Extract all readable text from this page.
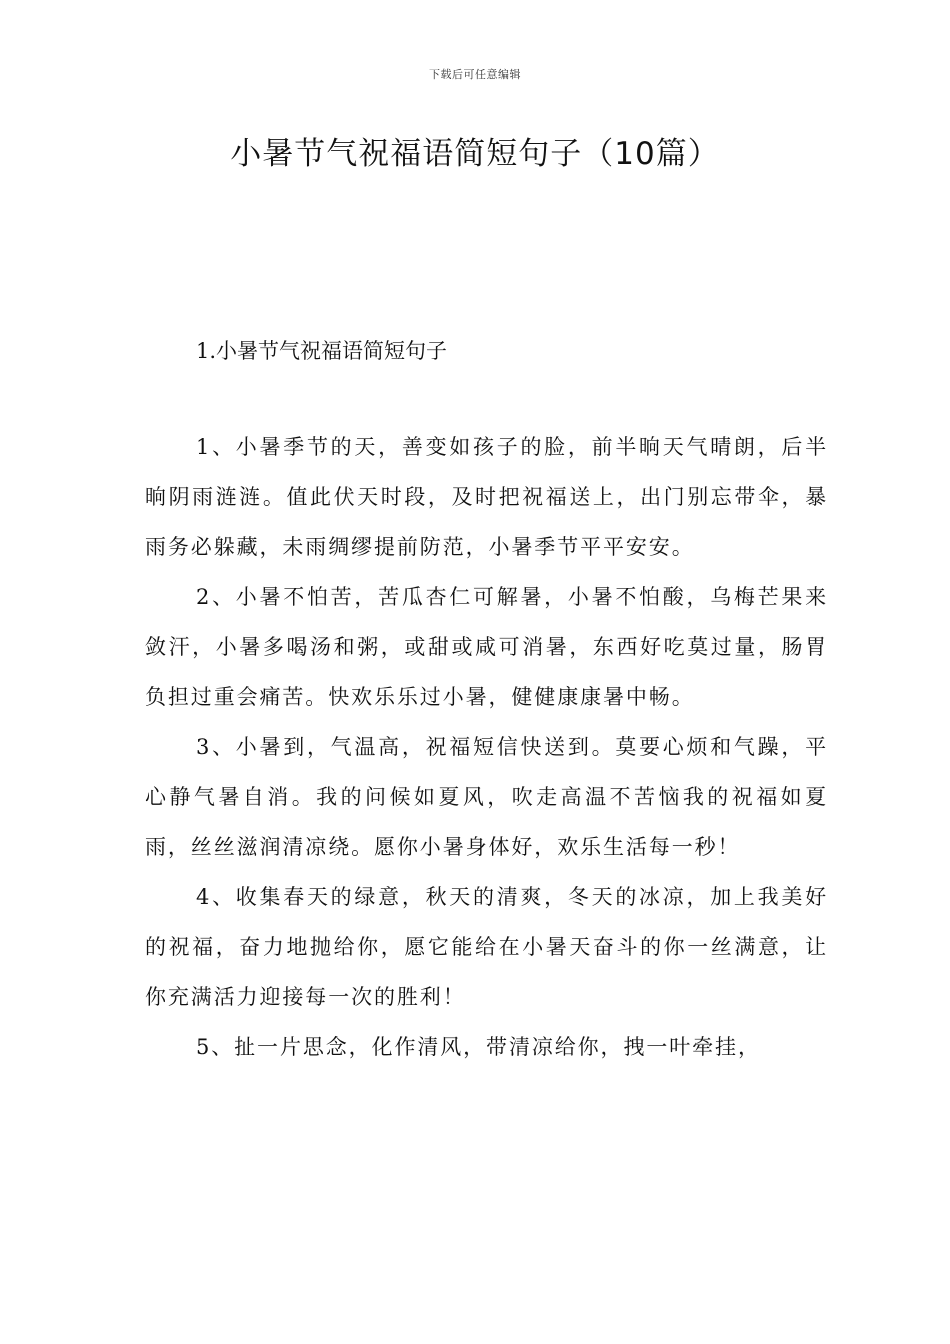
下载后可任意编辑
小暑节气祝福语简短句子（10篇）
1.小暑节气祝福语简短句子

1、小暑季节的天，善变如孩子的脸，前半晌天气晴朗，后半晌阴雨涟涟。值此伏天时段，及时把祝福送上，出门别忘带伞，暴雨务必躲藏，未雨绸缪提前防范，小暑季节平平安安。

2、小暑不怕苦，苦瓜杏仁可解暑，小暑不怕酸，乌梅芒果来敛汗，小暑多喝汤和粥，或甜或咸可消暑，东西好吃莫过量，肠胃负担过重会痛苦。快欢乐乐过小暑，健健康康暑中畅。

3、小暑到，气温高，祝福短信快送到。莫要心烦和气躁，平心静气暑自消。我的问候如夏风，吹走高温不苦恼我的祝福如夏雨，丝丝滋润清凉绕。愿你小暑身体好，欢乐生活每一秒！

4、收集春天的绿意，秋天的清爽，冬天的冰凉，加上我美好的祝福，奋力地抛给你，愿它能给在小暑天奋斗的你一丝满意，让你充满活力迎接每一次的胜利！

5、扯一片思念，化作清风，带清凉给你，拽一叶牵挂，
